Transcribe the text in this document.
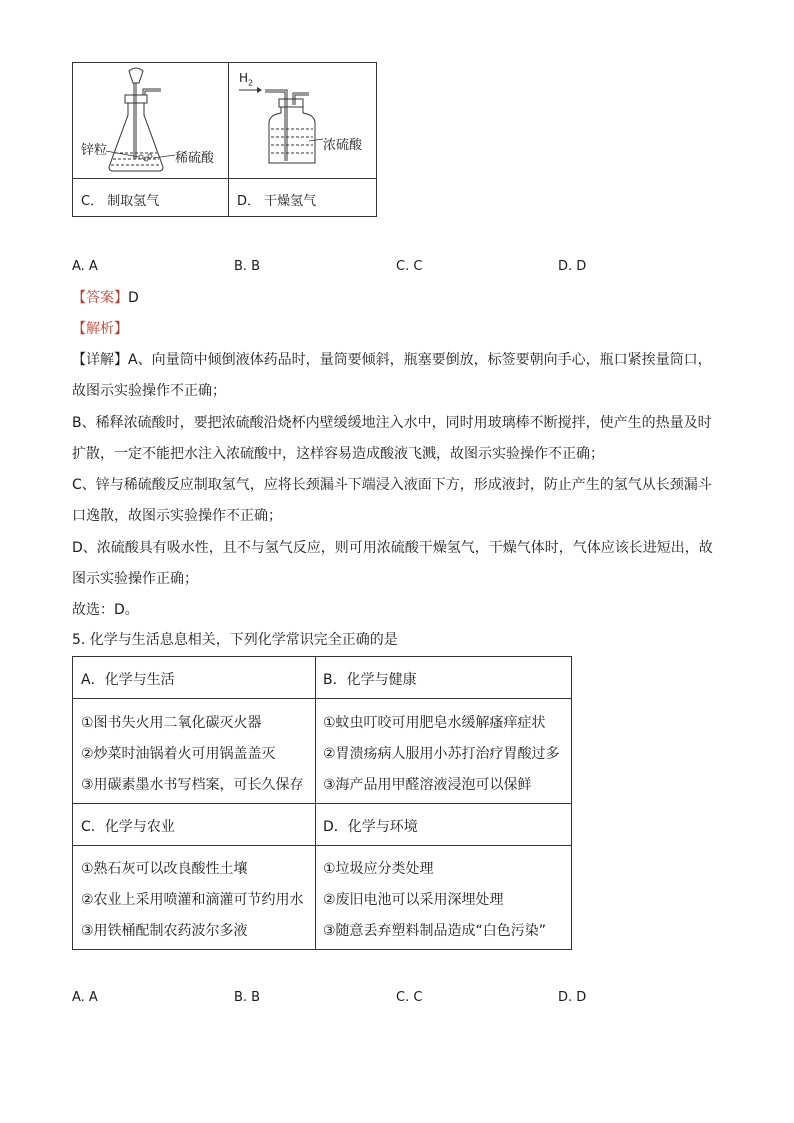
锌粒
稀硫酸
$H_2$
浓硫酸
C． 制取氢气	D． 干燥氢气
A. A	B. B	C. C	D. D
【答案】D
【解析】
【详解】A、向量筒中倾倒液体药品时，量筒要倾斜，瓶塞要倒放，标签要朝向手心，瓶口紧挨量筒口，
故图示实验操作不正确；
B、稀释浓硫酸时，要把浓硫酸沿烧杯内壁缓缓地注入水中，同时用玻璃棒不断搅拌，使产生的热量及时
扩散，一定不能把水注入浓硫酸中，这样容易造成酸液飞溅，故图示实验操作不正确；
C、锌与稀硫酸反应制取氢气，应将长颈漏斗下端浸入液面下方，形成液封，防止产生的氢气从长颈漏斗
口逸散，故图示实验操作不正确；
D、浓硫酸具有吸水性，且不与氢气反应，则可用浓硫酸干燥氢气，干燥气体时，气体应该长进短出，故
图示实验操作正确；
故选：D。
5. 化学与生活息息相关，下列化学常识完全正确的是
A．化学与生活	B．化学与健康
①图书失火用二氧化碳灭火器
②炒菜时油锅着火可用锅盖盖灭
③用碳素墨水书写档案，可长久保存
①蚊虫叮咬可用肥皂水缓解瘙痒症状
②胃溃疡病人服用小苏打治疗胃酸过多
③海产品用甲醛溶液浸泡可以保鲜
C．化学与农业	D．化学与环境
①熟石灰可以改良酸性土壤
②农业上采用喷灌和滴灌可节约用水
③用铁桶配制农药波尔多液
①垃圾应分类处理
②废旧电池可以采用深埋处理
③随意丢弃塑料制品造成“白色污染”
A. A	B. B	C. C	D. D
